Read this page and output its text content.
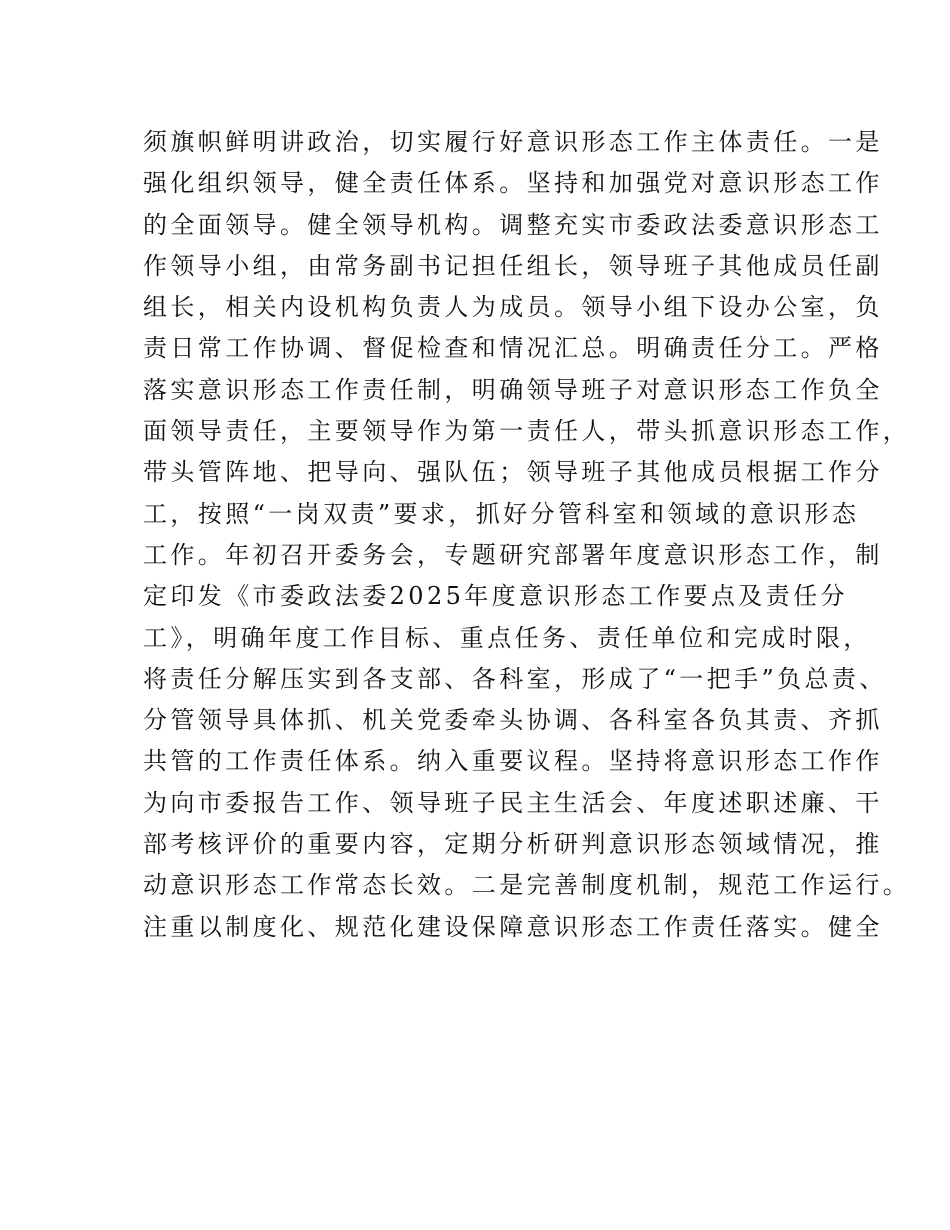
须旗帜鲜明讲政治，切实履行好意识形态工作主体责任。一是
强化组织领导，健全责任体系。坚持和加强党对意识形态工作
的全面领导。健全领导机构。调整充实市委政法委意识形态工
作领导小组，由常务副书记担任组长，领导班子其他成员任副
组长，相关内设机构负责人为成员。领导小组下设办公室，负
责日常工作协调、督促检查和情况汇总。明确责任分工。严格
落实意识形态工作责任制，明确领导班子对意识形态工作负全
面领导责任，主要领导作为第一责任人，带头抓意识形态工作，
带头管阵地、把导向、强队伍；领导班子其他成员根据工作分
工，按照“一岗双责”要求，抓好分管科室和领域的意识形态
工作。年初召开委务会，专题研究部署年度意识形态工作，制
定印发《市委政法委2025年度意识形态工作要点及责任分
工》，明确年度工作目标、重点任务、责任单位和完成时限，
将责任分解压实到各支部、各科室，形成了“一把手”负总责、
分管领导具体抓、机关党委牵头协调、各科室各负其责、齐抓
共管的工作责任体系。纳入重要议程。坚持将意识形态工作作
为向市委报告工作、领导班子民主生活会、年度述职述廉、干
部考核评价的重要内容，定期分析研判意识形态领域情况，推
动意识形态工作常态长效。二是完善制度机制，规范工作运行。
注重以制度化、规范化建设保障意识形态工作责任落实。健全
